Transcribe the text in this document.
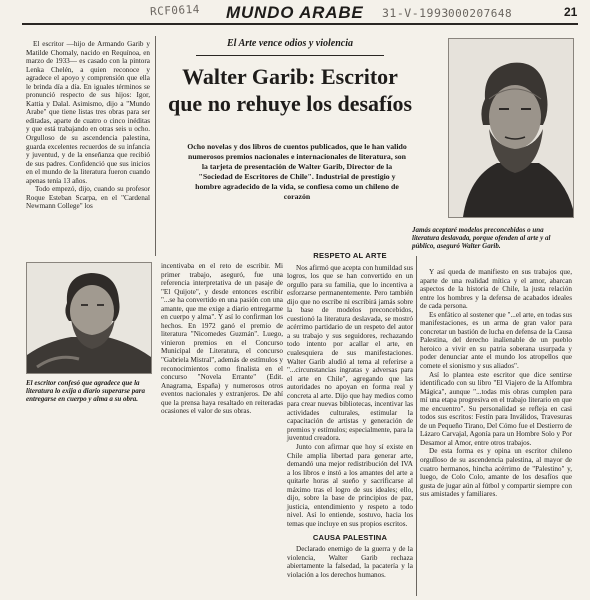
RCF0614	31-V-1993 000207648
MUNDO ARABE	21
El Arte vence odios y violencia
Walter Garib: Escritor
que no rehuye los desafíos
Ocho novelas y dos libros de cuentos publicados, que le han valido numerosos premios nacionales e internacionales de literatura, son la tarjeta de presentación de Walter Garib, Director de la "Sociedad de Escritores de Chile". Industrial de prestigio y hombre agradecido de la vida, se confiesa como un chileno de corazón

El escritor —hijo de Armando Garib y Matilde Chomaly, nacido en Requínoa, en marzo de 1933— es casado con la pintora Lenka Chelén, a quien reconoce y agradece el apoyo y comprensión que ella le brinda día a día. En iguales términos se pronunció respecto de sus hijos: Igor, Kattia y Dalal. Asimismo, dijo a "Mundo Arabe" que tiene listas tres obras para ser editadas, aparte de cuatro o cinco inéditas y que está trabajando en otras seis u ocho. Orgulloso de su ascendencia palestina, guarda excelentes recuerdos de su infancia y juventud, y de la enseñanza que recibió de sus padres. Confidenció que sus inicios en el mundo de la literatura fueron cuando apenas tenía 13 años.

Todo empezó, dijo, cuando su profesor Roque Esteban Scarpa, en el "Cardenal Newmann College" los

Jamás aceptaré modelos preconcebidos o una literatura deslavada, porque ofenden al arte y al público, aseguró Walter Garib.
El escritor confesó que agradece que la literatura lo exija a diario superarse para entregarse en cuerpo y alma a su obra.

incentivaba en el reto de escribir. Mi primer trabajo, aseguró, fue una referencia interpretativa de un pasaje de "El Quijote", y desde entonces escribir "...se ha convertido en una pasión con una amante, que me exige a diario entregarme en cuerpo y alma". Y así lo confirman los hechos. En 1972 ganó el premio de literatura "Nicomedes Guzmán". Luego, vinieron premios en el Concurso Municipal de Literatura, el concurso "Gabriela Mistral", además de estímulos y reconocimientos como finalista en el concurso "Novela Errante" (Edit. Anagrama, España) y numerosos otros eventos nacionales y extranjeros. De ahí que la prensa haya resaltado en reiteradas ocasiones el valor de sus obras.

RESPETO AL ARTE

Nos afirmó que acepta con humildad sus logros, los que se han convertido en un orgullo para su familia, que lo incentiva a esforzarse permanentemente. Pero también dijo que no escribe ni escribirá jamás sobre la base de modelos preconcebidos, cuestionó la literatura deslavada, se mostró acérrimo partidario de un respeto del autor a su trabajo y sus seguidores, rechazando todo intento por acallar el arte, en cualesquiera de sus manifestaciones. Walter Garib aludió al tema al referirse a "...circunstancias ingratas y adversas para el arte en Chile", agregando que las autoridades no apoyan en forma real y concreta al arte. Dijo que hay medios como para crear nuevas bibliotecas, incentivar las actividades culturales, estimular la capacitación de artistas y generación de premios y estímulos; especialmente, para la juventud creadora.

Junto con afirmar que hoy sí existe en Chile amplia libertad para generar arte, demandó una mejor redistribución del IVA a los libros e instó a los amantes del arte a quitarle horas al sueño y sacrificarse al máximo tras el logro de sus ideales; ello, dijo, sobre la base de principios de paz, justicia, entendimiento y respeto a todo nivel. Así lo entiende, sostuvo, hacia los temas que incluye en sus propios escritos.

CAUSA PALESTINA

Declarado enemigo de la guerra y de la violencia, Walter Garib rechaza abiertamente la falsedad, la pacatería y la violación a los derechos humanos.

Y así queda de manifiesto en sus trabajos que, aparte de una realidad mítica y el amor, abarcan aspectos de la historia de Chile, la justa relación entre los hombres y la defensa de acabados ideales de cada persona.

Es enfático al sostener que "...el arte, en todas sus manifestaciones, es un arma de gran valor para concretar un bastión de lucha en defensa de la Causa Palestina, del derecho inalienable de un pueblo heroico a vivir en su patria soberana usurpada y poder denunciar ante el mundo los atropellos que comete el sionismo y sus aliados".

Así lo plantea este escritor que dice sentirse identificado con su libro "El Viajero de la Alfombra Mágica", aunque "...todas mis obras cumplen para mí una etapa progresiva en el trabajo literario en que me encuentro". Su personalidad se refleja en casi todos sus escritos: Festín para Inválidos, Travesuras de un Pequeño Tirano, Del Cómo fue el Destierro de Lázaro Carvajal, Agonía para un Hombre Solo y Por Desamor al Amor, entre otros trabajos.

De esta forma es y opina un escritor chileno orgulloso de su ascendencia palestina, al mayor de cuatro hermanos, hincha acérrimo de "Palestino" y, luego, de Colo Colo, amante de los desafíos que gusta de jugar aún al fútbol y compartir siempre con sus amistades y familiares.
